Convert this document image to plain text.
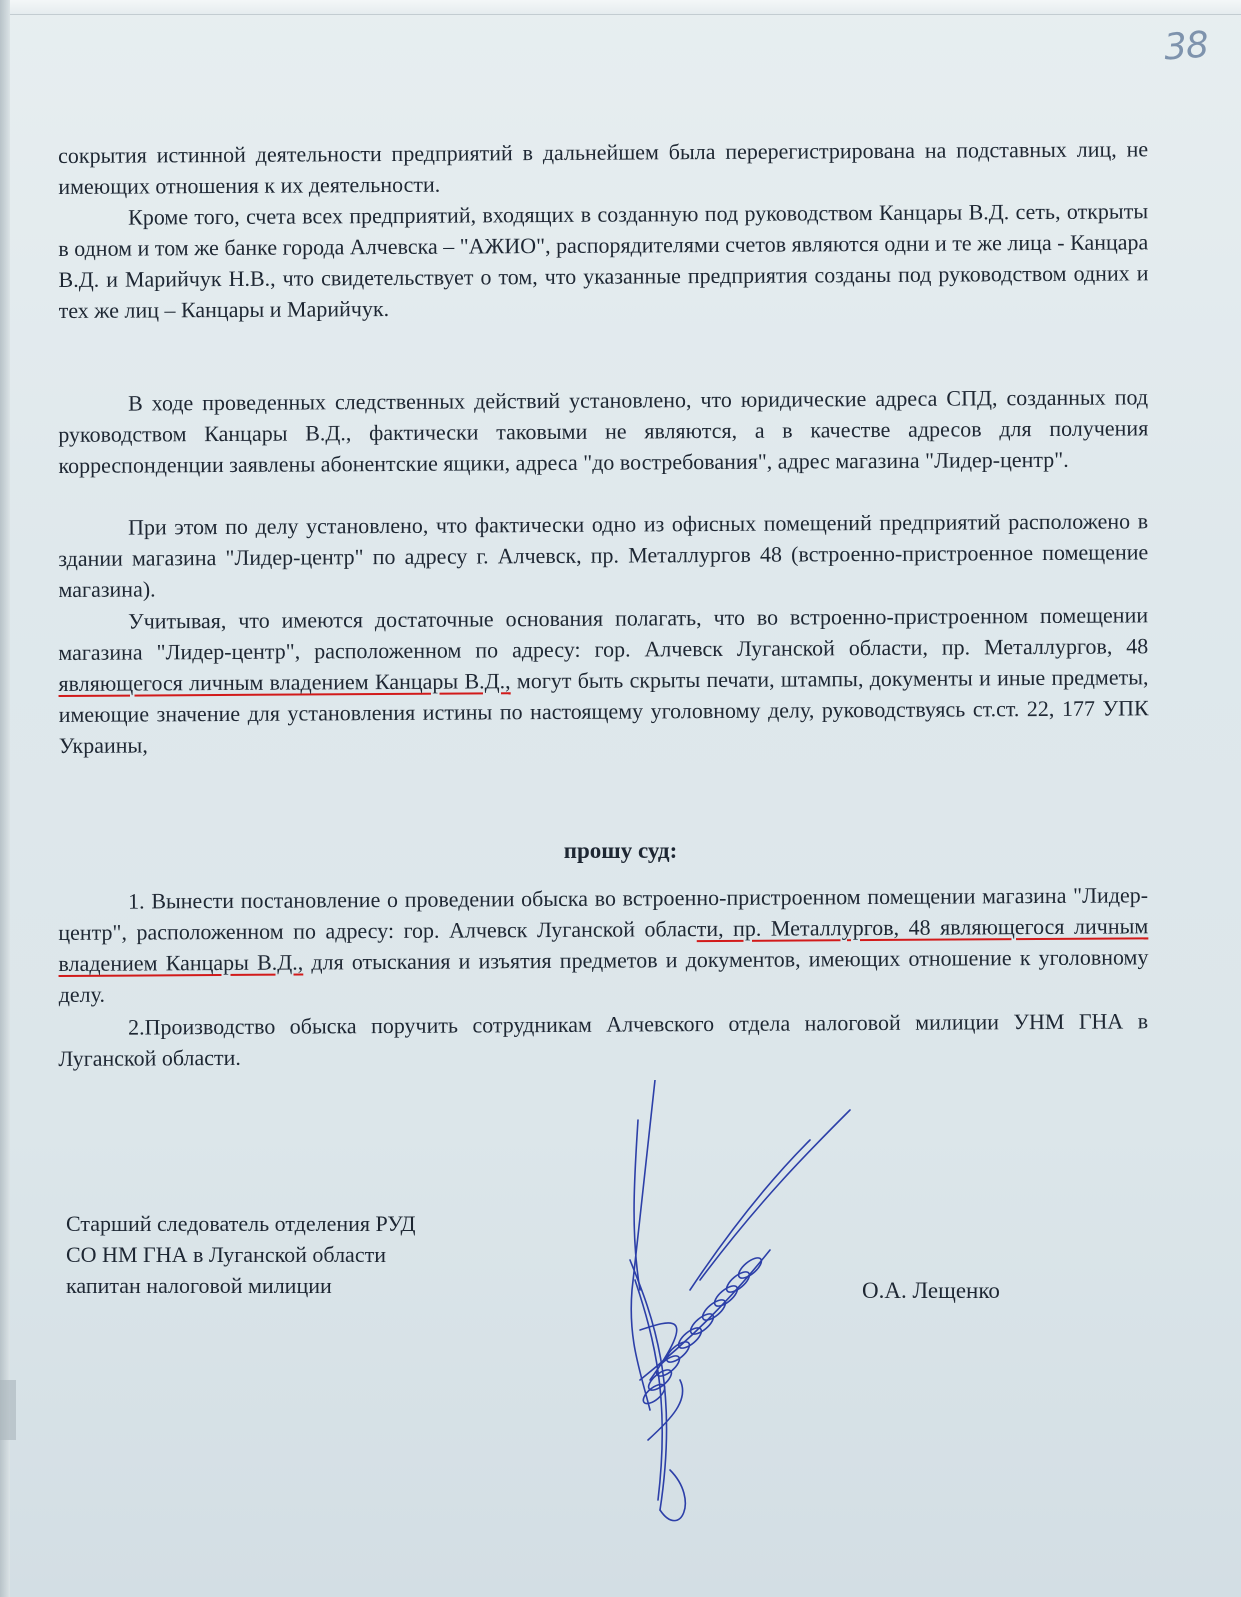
38

сокрытия истинной деятельности предприятий в дальнейшем была перерегистрирована на подставных лиц, не имеющих отношения к их деятельности.

Кроме того, счета всех предприятий, входящих в созданную под руководством Канцары В.Д. сеть, открыты в одном и том же банке города Алчевска – "АЖИО", распорядителями счетов являются одни и те же лица - Канцара В.Д. и Марийчук Н.В., что свидетельствует о том, что указанные предприятия созданы под руководством одних и тех же лиц – Канцары и Марийчук.

В ходе проведенных следственных действий установлено, что юридические адреса СПД, созданных под руководством Канцары В.Д., фактически таковыми не являются, а в качестве адресов для получения корреспонденции заявлены абонентские ящики, адреса "до востребования", адрес магазина "Лидер-центр".

При этом по делу установлено, что фактически одно из офисных помещений предприятий расположено в здании магазина "Лидер-центр" по адресу г. Алчевск, пр. Металлургов 48 (встроенно-пристроенное помещение магазина).

Учитывая, что имеются достаточные основания полагать, что во встроенно-пристроенном помещении магазина "Лидер-центр", расположенном по адресу: гор. Алчевск Луганской области, пр. Металлургов, 48 являющегося личным владением Канцары В.Д., могут быть скрыты печати, штампы, документы и иные предметы, имеющие значение для установления истины по настоящему уголовному делу, руководствуясь ст.ст. 22, 177 УПК Украины,

прошу суд:

1. Вынести постановление о проведении обыска во встроенно-пристроенном помещении магазина "Лидер-центр", расположенном по адресу: гор. Алчевск Луганской области, пр. Металлургов, 48 являющегося личным владением Канцары В.Д., для отыскания и изъятия предметов и документов, имеющих отношение к уголовному делу.

2.Производство обыска поручить сотрудникам Алчевского отдела налоговой милиции УНМ ГНА в Луганской области.

Старший следователь отделения РУД
СО НМ ГНА в Луганской области
капитан налоговой милиции	О.А. Лещенко
